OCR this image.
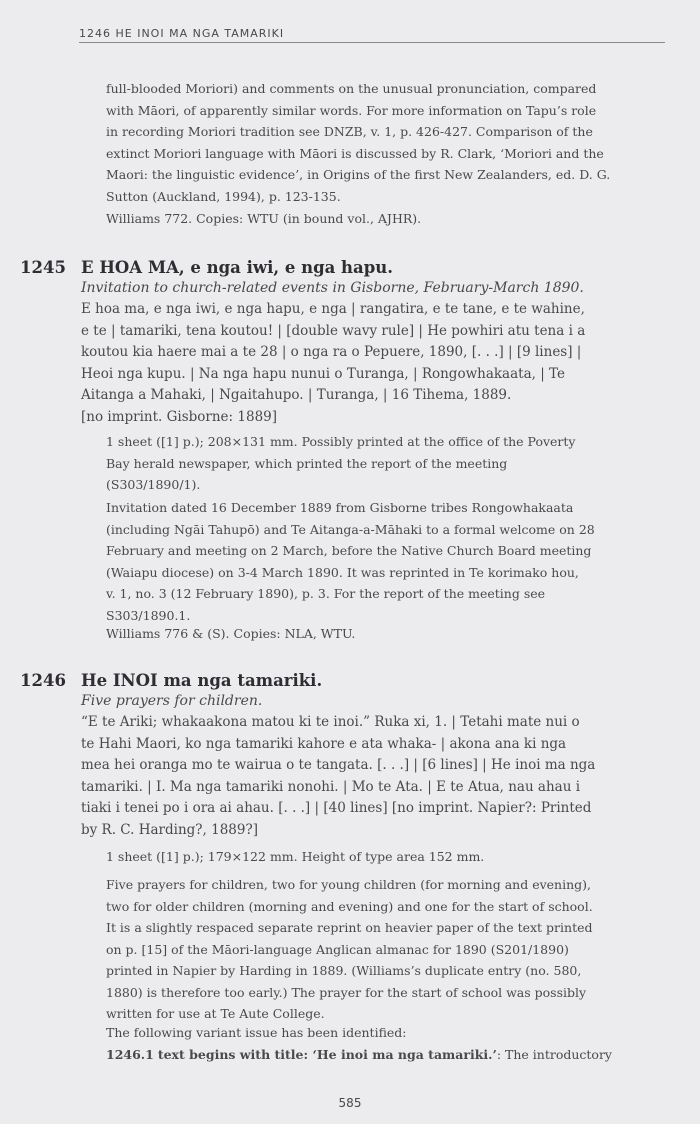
1246 HE INOI MA NGA TAMARIKI
full-blooded Moriori) and comments on the unusual pronunciation, compared
with Māori, of apparently similar words. For more information on Tapu’s role
in recording Moriori tradition see DNZB, v. 1, p. 426-427. Comparison of the
extinct Moriori language with Māori is discussed by R. Clark, ‘Moriori and the
Maori: the linguistic evidence’, in Origins of the first New Zealanders, ed. D. G.
Sutton (Auckland, 1994), p. 123-135.
Williams 772. Copies: WTU (in bound vol., AJHR).
1245 E HOA MA, e nga iwi, e nga hapu.
Invitation to church-related events in Gisborne, February-March 1890.
E hoa ma, e nga iwi, e nga hapu, e nga | rangatira, e te tane, e te wahine,
e te | tamariki, tena koutou! | [double wavy rule] | He powhiri atu tena i a
koutou kia haere mai a te 28 | o nga ra o Pepuere, 1890, [. . .] | [9 lines] |
Heoi nga kupu. | Na nga hapu nunui o Turanga, | Rongowhakaata, | Te
Aitanga a Mahaki, | Ngaitahupo. | Turanga, | 16 Tihema, 1889.
[no imprint. Gisborne: 1889]
1 sheet ([1] p.); 208×131 mm. Possibly printed at the office of the Poverty
Bay herald newspaper, which printed the report of the meeting
(S303/1890/1).
Invitation dated 16 December 1889 from Gisborne tribes Rongowhakaata
(including Ngāi Tahupō) and Te Aitanga-a-Māhaki to a formal welcome on 28
February and meeting on 2 March, before the Native Church Board meeting
(Waiapu diocese) on 3-4 March 1890. It was reprinted in Te korimako hou,
v. 1, no. 3 (12 February 1890), p. 3. For the report of the meeting see
S303/1890.1.
Williams 776 & (S). Copies: NLA, WTU.
1246 He INOI ma nga tamariki.
Five prayers for children.
“E te Ariki; whakaakona matou ki te inoi.” Ruka xi, 1. | Tetahi mate nui o
te Hahi Maori, ko nga tamariki kahore e ata whaka- | akona ana ki nga
mea hei oranga mo te wairua o te tangata. [. . .] | [6 lines] | He inoi ma nga
tamariki. | I. Ma nga tamariki nonohi. | Mo te Ata. | E te Atua, nau ahau i
tiaki i tenei po i ora ai ahau. [. . .] | [40 lines] [no imprint. Napier?: Printed
by R. C. Harding?, 1889?]
1 sheet ([1] p.); 179×122 mm. Height of type area 152 mm.
Five prayers for children, two for young children (for morning and evening),
two for older children (morning and evening) and one for the start of school.
It is a slightly respaced separate reprint on heavier paper of the text printed
on p. [15] of the Māori-language Anglican almanac for 1890 (S201/1890)
printed in Napier by Harding in 1889. (Williams’s duplicate entry (no. 580,
1880) is therefore too early.) The prayer for the start of school was possibly
written for use at Te Aute College.
The following variant issue has been identified:
1246.1 text begins with title: ‘He inoi ma nga tamariki.’: The introductory
585
